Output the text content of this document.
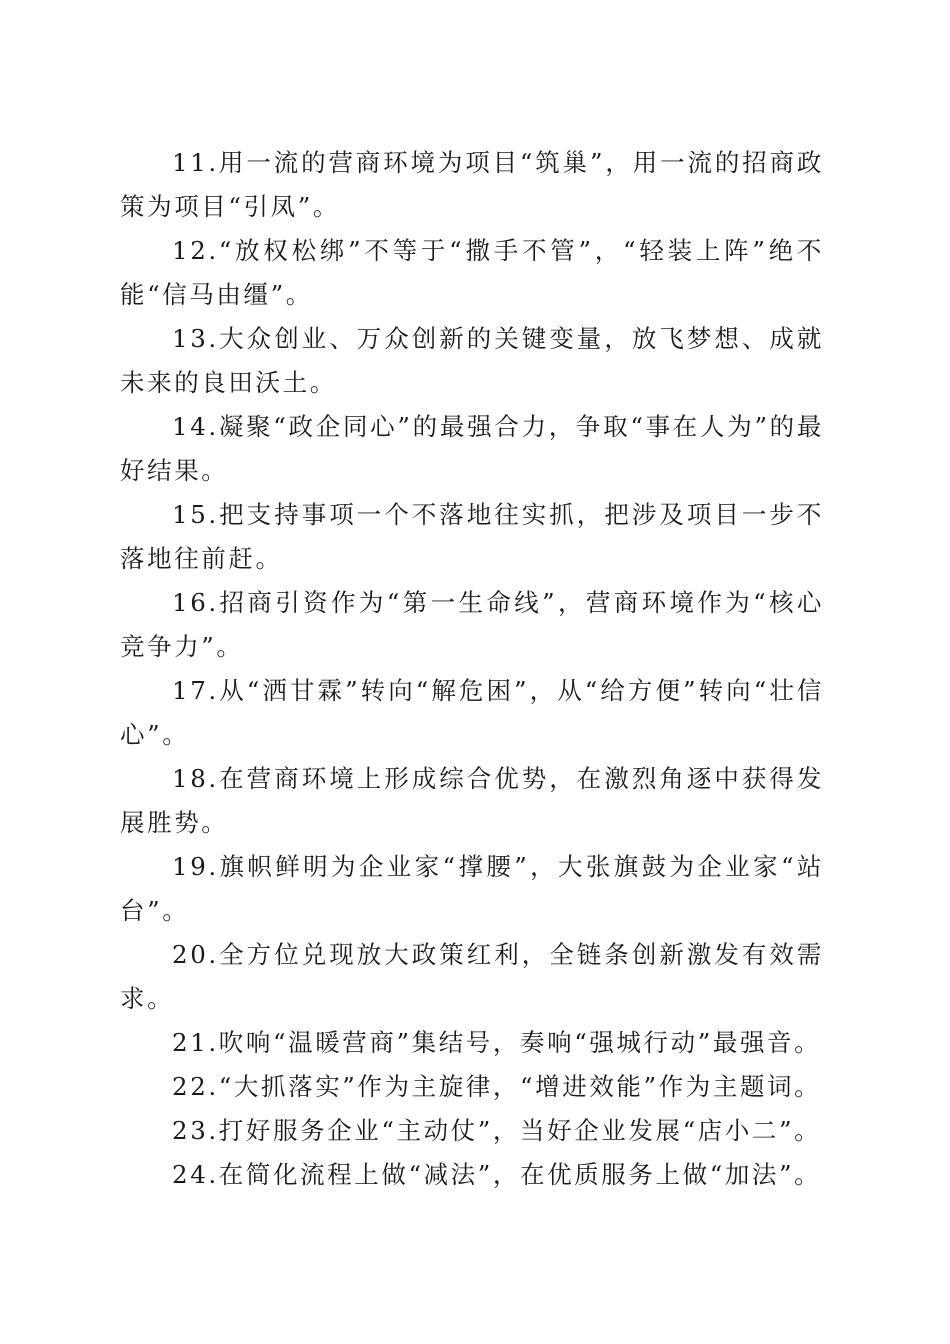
11.用一流的营商环境为项目“筑巢”，用一流的招商政策为项目“引凤”。

12.“放权松绑”不等于“撒手不管”，“轻装上阵”绝不能“信马由缰”。

13.大众创业、万众创新的关键变量，放飞梦想、成就未来的良田沃土。

14.凝聚“政企同心”的最强合力，争取“事在人为”的最好结果。

15.把支持事项一个不落地往实抓，把涉及项目一步不落地往前赶。

16.招商引资作为“第一生命线”，营商环境作为“核心竞争力”。

17.从“洒甘霖”转向“解危困”，从“给方便”转向“壮信心”。

18.在营商环境上形成综合优势，在激烈角逐中获得发展胜势。

19.旗帜鲜明为企业家“撑腰”，大张旗鼓为企业家“站台”。

20.全方位兑现放大政策红利，全链条创新激发有效需求。

21.吹响“温暖营商”集结号，奏响“强城行动”最强音。

22.“大抓落实”作为主旋律，“增进效能”作为主题词。

23.打好服务企业“主动仗”，当好企业发展“店小二”。

24.在简化流程上做“减法”，在优质服务上做“加法”。
